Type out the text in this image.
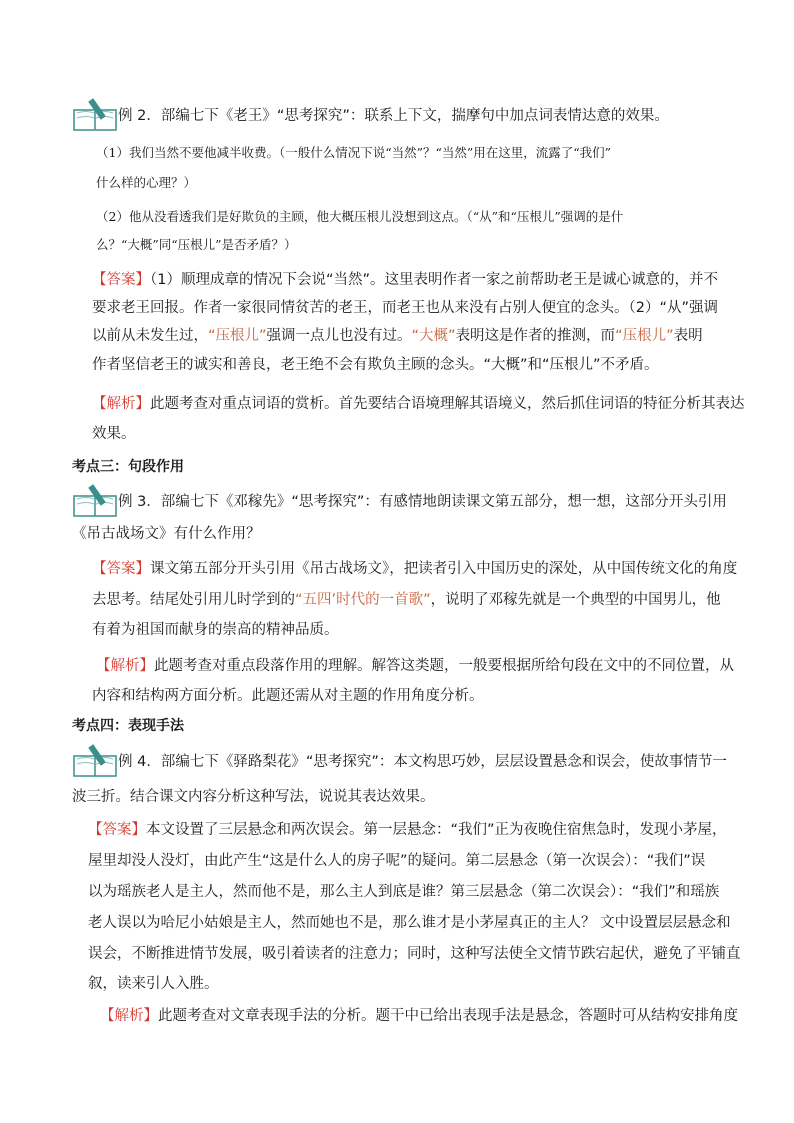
例 2．部编七下《老王》“思考探究”：联系上下文，揣摩句中加点词表情达意的效果。
（1）我们当然不要他减半收费。（一般什么情况下说“当然”？“当然”用在这里，流露了“我们”
什么样的心理？）
（2）他从没看透我们是好欺负的主顾，他大概压根儿没想到这点。（“从”和“压根儿”强调的是什
么？“大概”同“压根儿”是否矛盾？）
【答案】（1）顺理成章的情况下会说“当然”。这里表明作者一家之前帮助老王是诚心诚意的，并不
要求老王回报。作者一家很同情贫苦的老王，而老王也从来没有占别人便宜的念头。（2）“从”强调
以前从未发生过，“压根儿”强调一点儿也没有过。“大概”表明这是作者的推测，而“压根儿”表明
作者坚信老王的诚实和善良，老王绝不会有欺负主顾的念头。“大概”和“压根儿”不矛盾。
【解析】此题考查对重点词语的赏析。首先要结合语境理解其语境义，然后抓住词语的特征分析其表达
效果。
考点三：句段作用
例 3．部编七下《邓稼先》“思考探究”：有感情地朗读课文第五部分，想一想，这部分开头引用
《吊古战场文》有什么作用？
【答案】课文第五部分开头引用《吊古战场文》，把读者引入中国历史的深处，从中国传统文化的角度
去思考。结尾处引用儿时学到的“五四’时代的一首歌”，说明了邓稼先就是一个典型的中国男儿，他
有着为祖国而献身的崇高的精神品质。
【解析】此题考查对重点段落作用的理解。解答这类题，一般要根据所给句段在文中的不同位置，从
内容和结构两方面分析。此题还需从对主题的作用角度分析。
考点四：表现手法
例 4．部编七下《驿路梨花》“思考探究”：本文构思巧妙，层层设置悬念和误会，使故事情节一
波三折。结合课文内容分析这种写法，说说其表达效果。
【答案】本文设置了三层悬念和两次误会。第一层悬念：“我们”正为夜晚住宿焦急时，发现小茅屋，
屋里却没人没灯，由此产生“这是什么人的房子呢”的疑问。第二层悬念（第一次误会）：“我们”误
以为瑶族老人是主人，然而他不是，那么主人到底是谁？第三层悬念（第二次误会）：“我们”和瑶族
老人误以为哈尼小姑娘是主人，然而她也不是，那么谁才是小茅屋真正的主人？ 文中设置层层悬念和
误会，不断推进情节发展，吸引着读者的注意力；同时，这种写法使全文情节跌宕起伏，避免了平铺直
叙，读来引人入胜。
【解析】此题考查对文章表现手法的分析。题干中已给出表现手法是悬念，答题时可从结构安排角度
